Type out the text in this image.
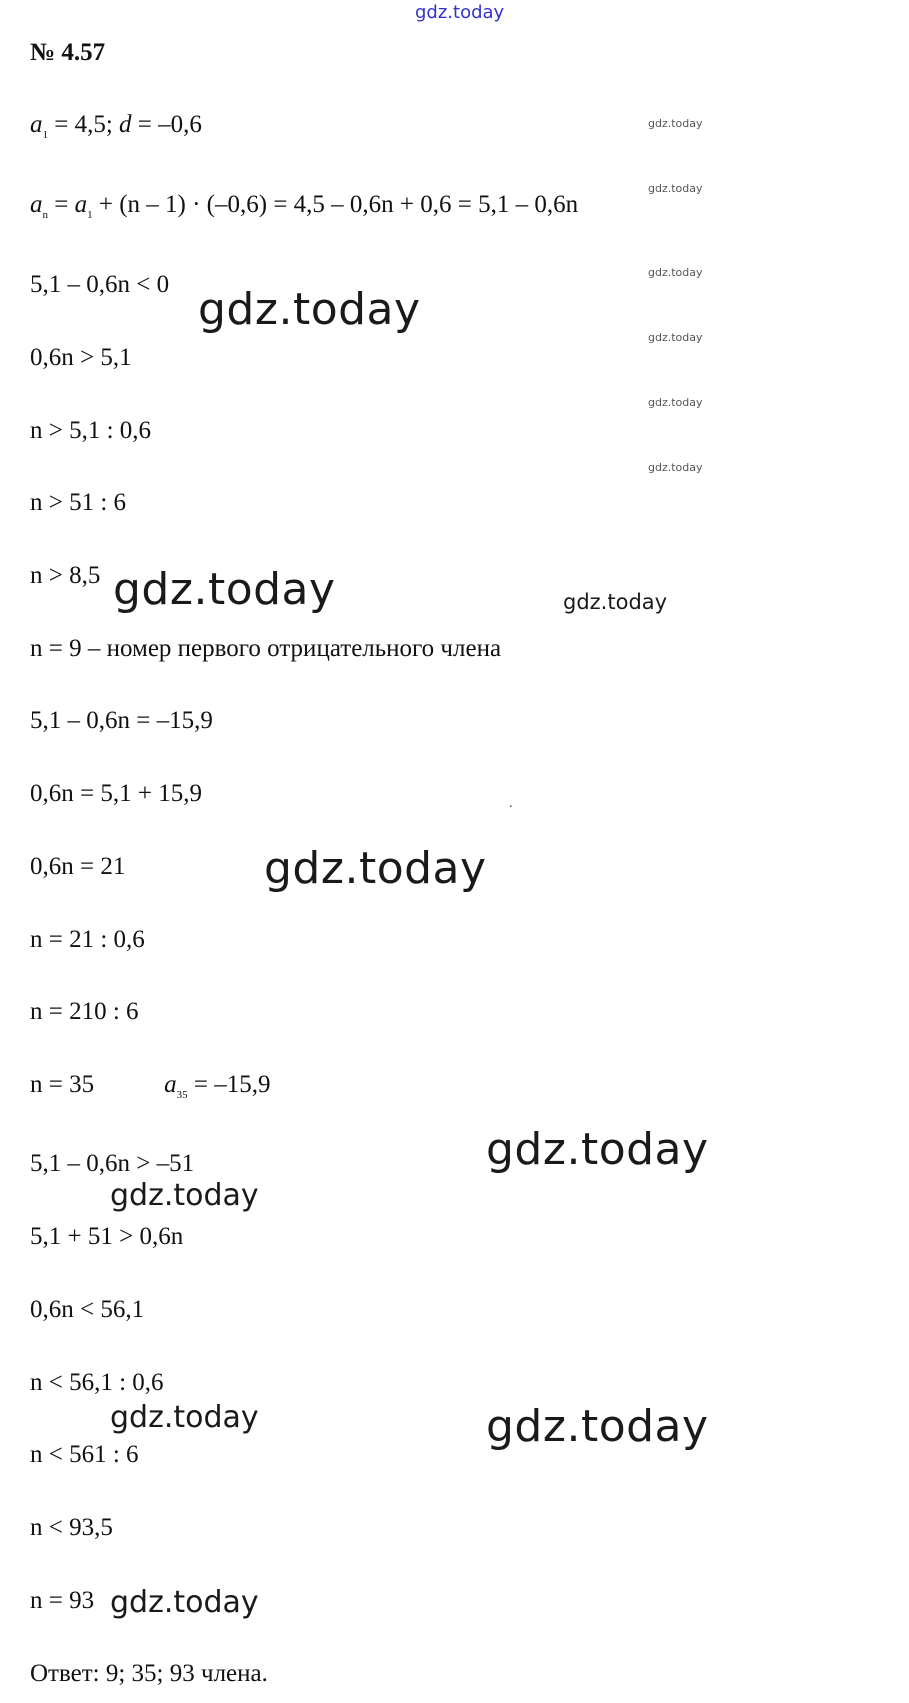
gdz.today
№ 4.57
$a_1 = 4,5$; d = –0,6
$a_n = a_1 + (n - 1) \cdot (-0,6) = 4,5 - 0,6n + 0,6 = 5,1 - 0,6n$
5,1 – 0,6n < 0
0,6n > 5,1
n > 5,1 : 0,6
n > 51 : 6
n > 8,5
n = 9 – номер первого отрицательного члена
5,1 – 0,6n = –15,9
0,6n = 5,1 + 15,9
0,6n = 21
n = 21 : 0,6
n = 210 : 6
n = 35	$a_{35} = -15,9$
5,1 – 0,6n > –51
5,1 + 51 > 0,6n
0,6n < 56,1
n < 56,1 : 0,6
n < 561 : 6
n < 93,5
n = 93
Ответ: 9; 35; 93 члена.
gdz.today
gdz.today
gdz.today
gdz.today
gdz.today
gdz.today
gdz.today
gdz.today	gdz.today
gdz.today
gdz.today
gdz.today
gdz.today	gdz.today
gdz.today
.
